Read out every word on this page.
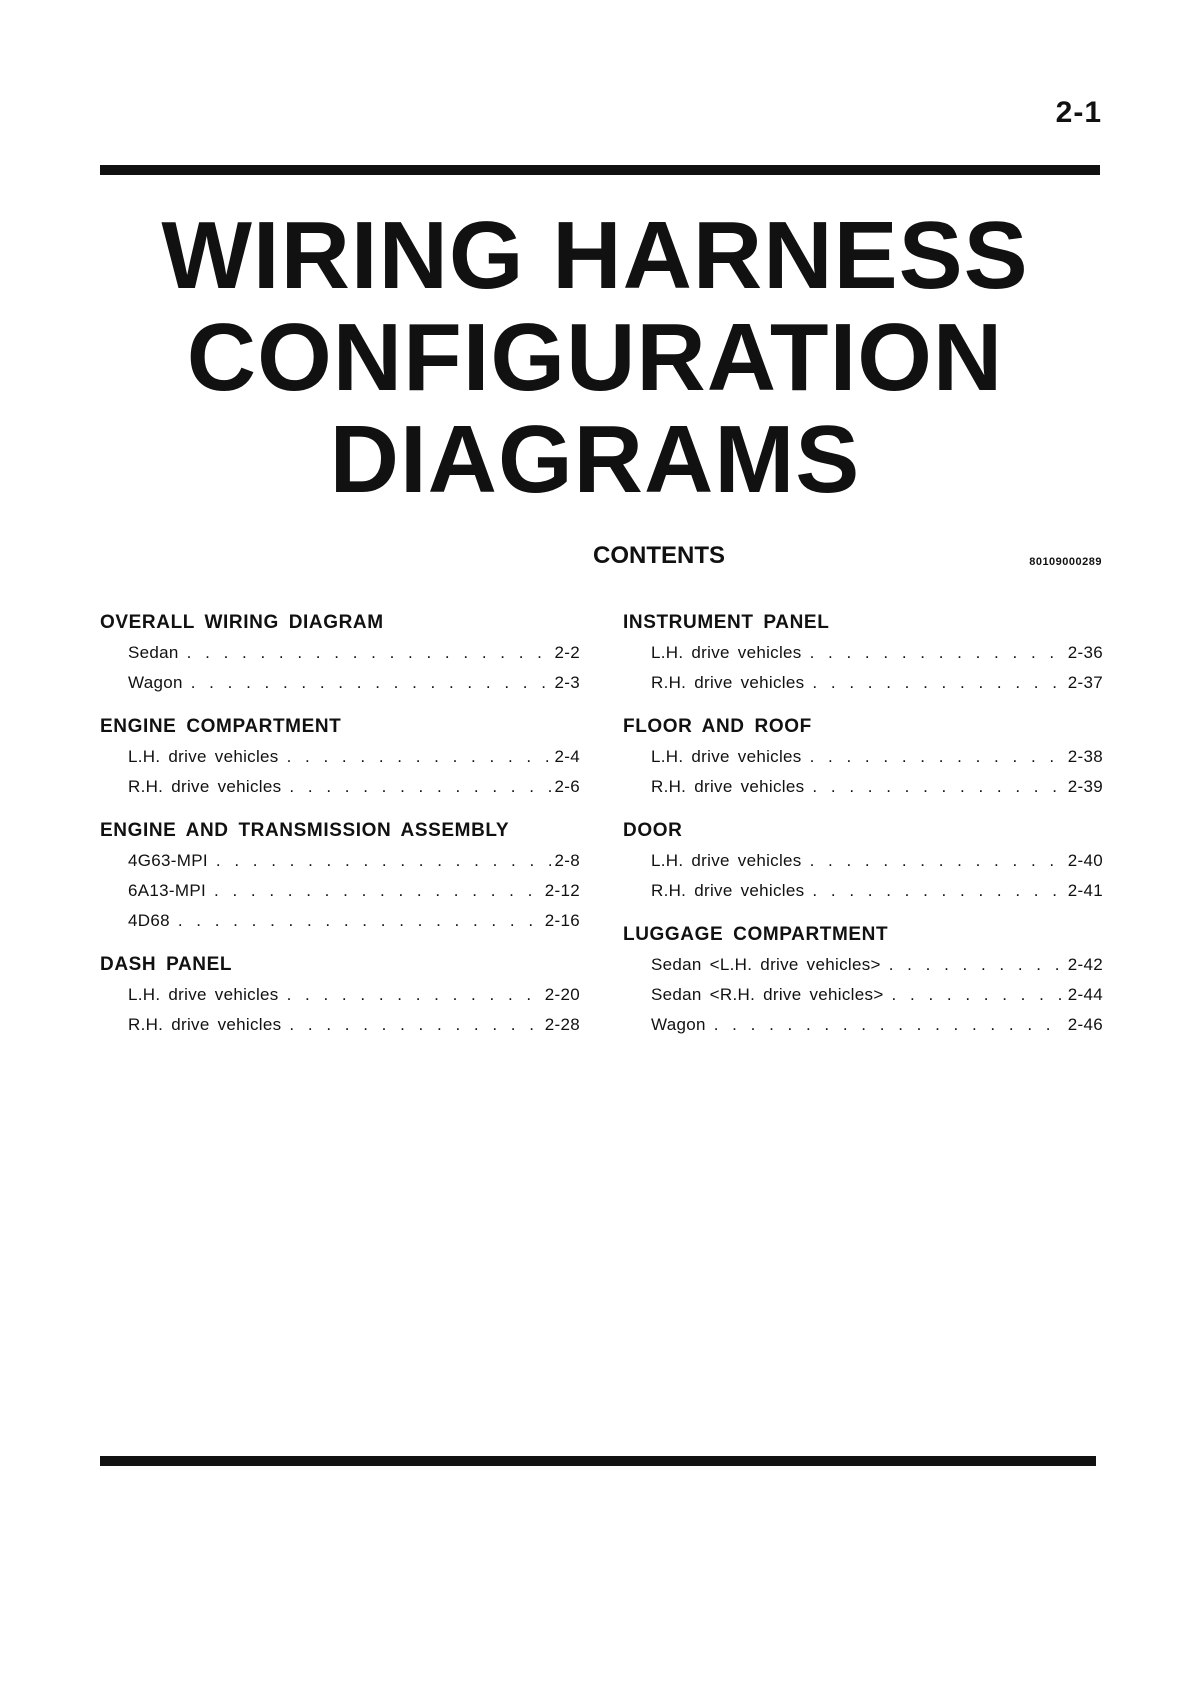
2-1
WIRING HARNESS
CONFIGURATION
DIAGRAMS
CONTENTS	80109000289
OVERALL WIRING DIAGRAM
Sedan . . .	2-2
Wagon . . .	2-3
ENGINE COMPARTMENT
L.H. drive vehicles . . .	2-4
R.H. drive vehicles . . .	2-6
ENGINE AND TRANSMISSION ASSEMBLY
4G63-MPI . . .	2-8
6A13-MPI . . .	2-12
4D68 . . .	2-16
DASH PANEL
L.H. drive vehicles . . .	2-20
R.H. drive vehicles . . .	2-28
INSTRUMENT PANEL
L.H. drive vehicles . . .	2-36
R.H. drive vehicles . . .	2-37
FLOOR AND ROOF
L.H. drive vehicles . . .	2-38
R.H. drive vehicles . . .	2-39
DOOR
L.H. drive vehicles . . .	2-40
R.H. drive vehicles . . .	2-41
LUGGAGE COMPARTMENT
Sedan <L.H. drive vehicles> . . .	2-42
Sedan <R.H. drive vehicles> . . .	2-44
Wagon . . .	2-46
